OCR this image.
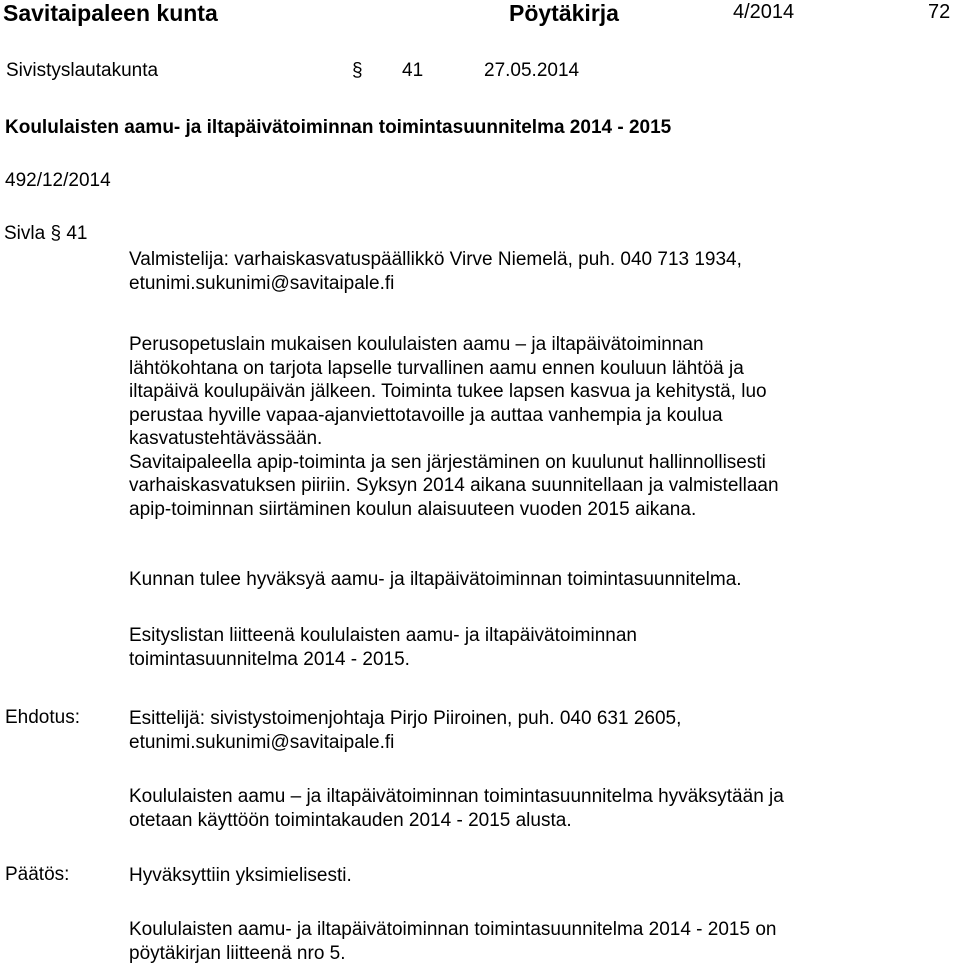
Savitaipaleen kunta	Pöytäkirja	4/2014	72
Sivistyslautakunta	§ 41	27.05.2014
Koululaisten aamu- ja iltapäivätoiminnan toimintasuunnitelma 2014 - 2015
492/12/2014
Sivla § 41

Valmistelija: varhaiskasvatuspäällikkö Virve Niemelä, puh. 040 713 1934,

etunimi.sukunimi@savitaipale.fi

Perusopetuslain mukaisen koululaisten aamu – ja iltapäivätoiminnan

lähtökohtana on tarjota lapselle turvallinen aamu ennen kouluun lähtöä ja

iltapäivä koulupäivän jälkeen. Toiminta tukee lapsen kasvua ja kehitystä, luo

perustaa hyville vapaa-ajanviettotavoille ja auttaa vanhempia ja koulua

kasvatustehtävässään.

Savitaipaleella apip-toiminta ja sen järjestäminen on kuulunut hallinnollisesti

varhaiskasvatuksen piiriin. Syksyn 2014 aikana suunnitellaan ja valmistellaan

apip-toiminnan siirtäminen koulun alaisuuteen vuoden 2015 aikana.

Kunnan tulee hyväksyä aamu- ja iltapäivätoiminnan toimintasuunnitelma.

Esityslistan liitteenä koululaisten aamu- ja iltapäivätoiminnan

toimintasuunnitelma 2014 - 2015.

Ehdotus:	Esittelijä: sivistystoimenjohtaja Pirjo Piiroinen, puh. 040 631 2605,

etunimi.sukunimi@savitaipale.fi

Koululaisten aamu – ja iltapäivätoiminnan toimintasuunnitelma hyväksytään ja

otetaan käyttöön toimintakauden 2014 - 2015 alusta.

Päätös:	Hyväksyttiin yksimielisesti.

Koululaisten aamu- ja iltapäivätoiminnan toimintasuunnitelma 2014 - 2015 on

pöytäkirjan liitteenä nro 5.
